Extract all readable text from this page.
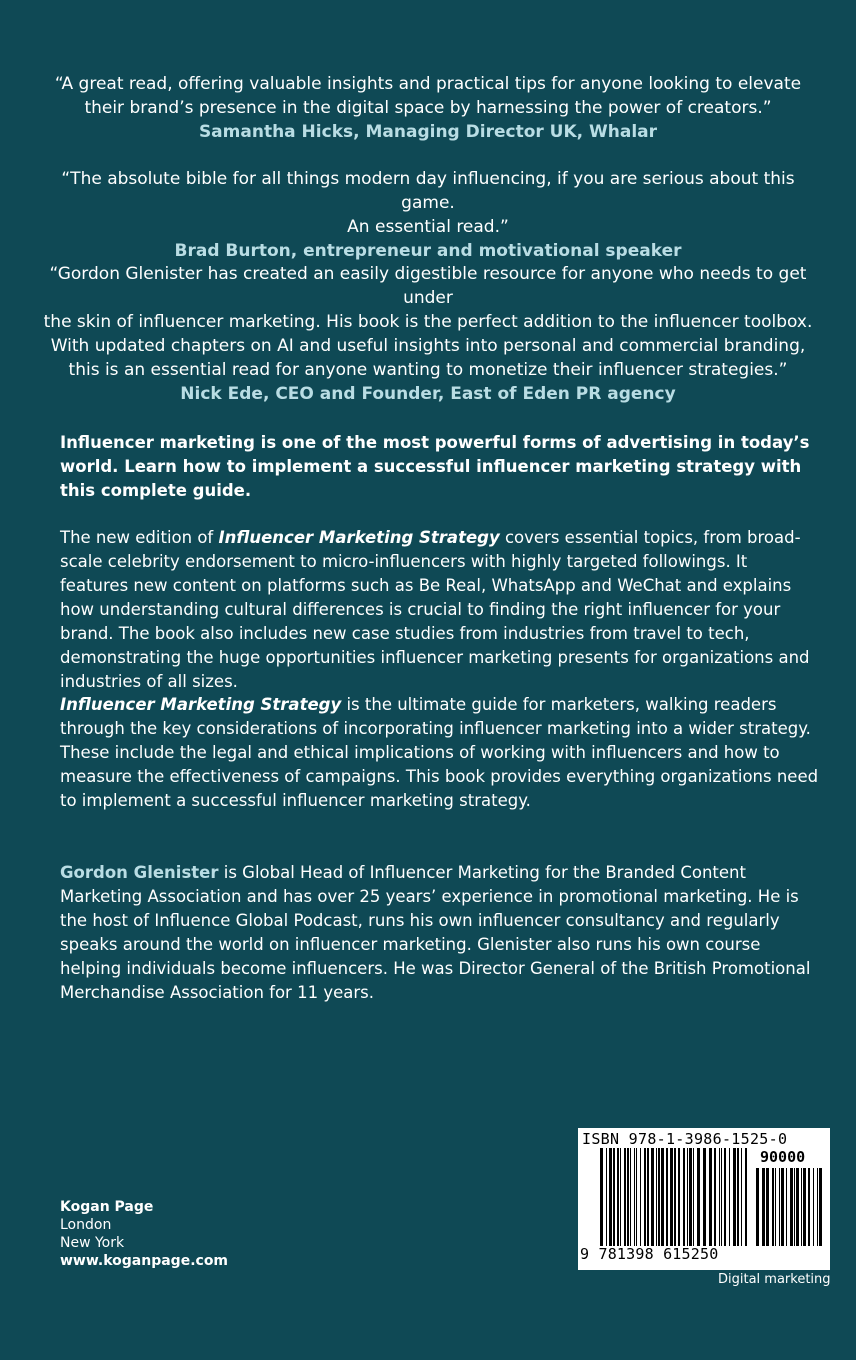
“A great read, offering valuable insights and practical tips for anyone looking to elevate
their brand’s presence in the digital space by harnessing the power of creators.”
Samantha Hicks, Managing Director UK, Whalar
“The absolute bible for all things modern day influencing, if you are serious about this game.
An essential read.”
Brad Burton, entrepreneur and motivational speaker
“Gordon Glenister has created an easily digestible resource for anyone who needs to get under
the skin of influencer marketing. His book is the perfect addition to the influencer toolbox.
With updated chapters on AI and useful insights into personal and commercial branding,
this is an essential read for anyone wanting to monetize their influencer strategies.”
Nick Ede, CEO and Founder, East of Eden PR agency
Influencer marketing is one of the most powerful forms of advertising in today’s world. Learn how to implement a successful influencer marketing strategy with this complete guide.
The new edition of Influencer Marketing Strategy covers essential topics, from broad-scale celebrity endorsement to micro-influencers with highly targeted followings. It features new content on platforms such as Be Real, WhatsApp and WeChat and explains how understanding cultural differences is crucial to finding the right influencer for your brand. The book also includes new case studies from industries from travel to tech, demonstrating the huge opportunities influencer marketing presents for organizations and industries of all sizes.
Influencer Marketing Strategy is the ultimate guide for marketers, walking readers through the key considerations of incorporating influencer marketing into a wider strategy. These include the legal and ethical implications of working with influencers and how to measure the effectiveness of campaigns. This book provides everything organizations need to implement a successful influencer marketing strategy.
Gordon Glenister is Global Head of Influencer Marketing for the Branded Content Marketing Association and has over 25 years’ experience in promotional marketing. He is the host of Influence Global Podcast, runs his own influencer consultancy and regularly speaks around the world on influencer marketing. Glenister also runs his own course helping individuals become influencers. He was Director General of the British Promotional Merchandise Association for 11 years.
Kogan Page
London
New York
www.koganpage.com
ISBN 978-1-3986-1525-0
90000
9 781398 615250
Digital marketing
